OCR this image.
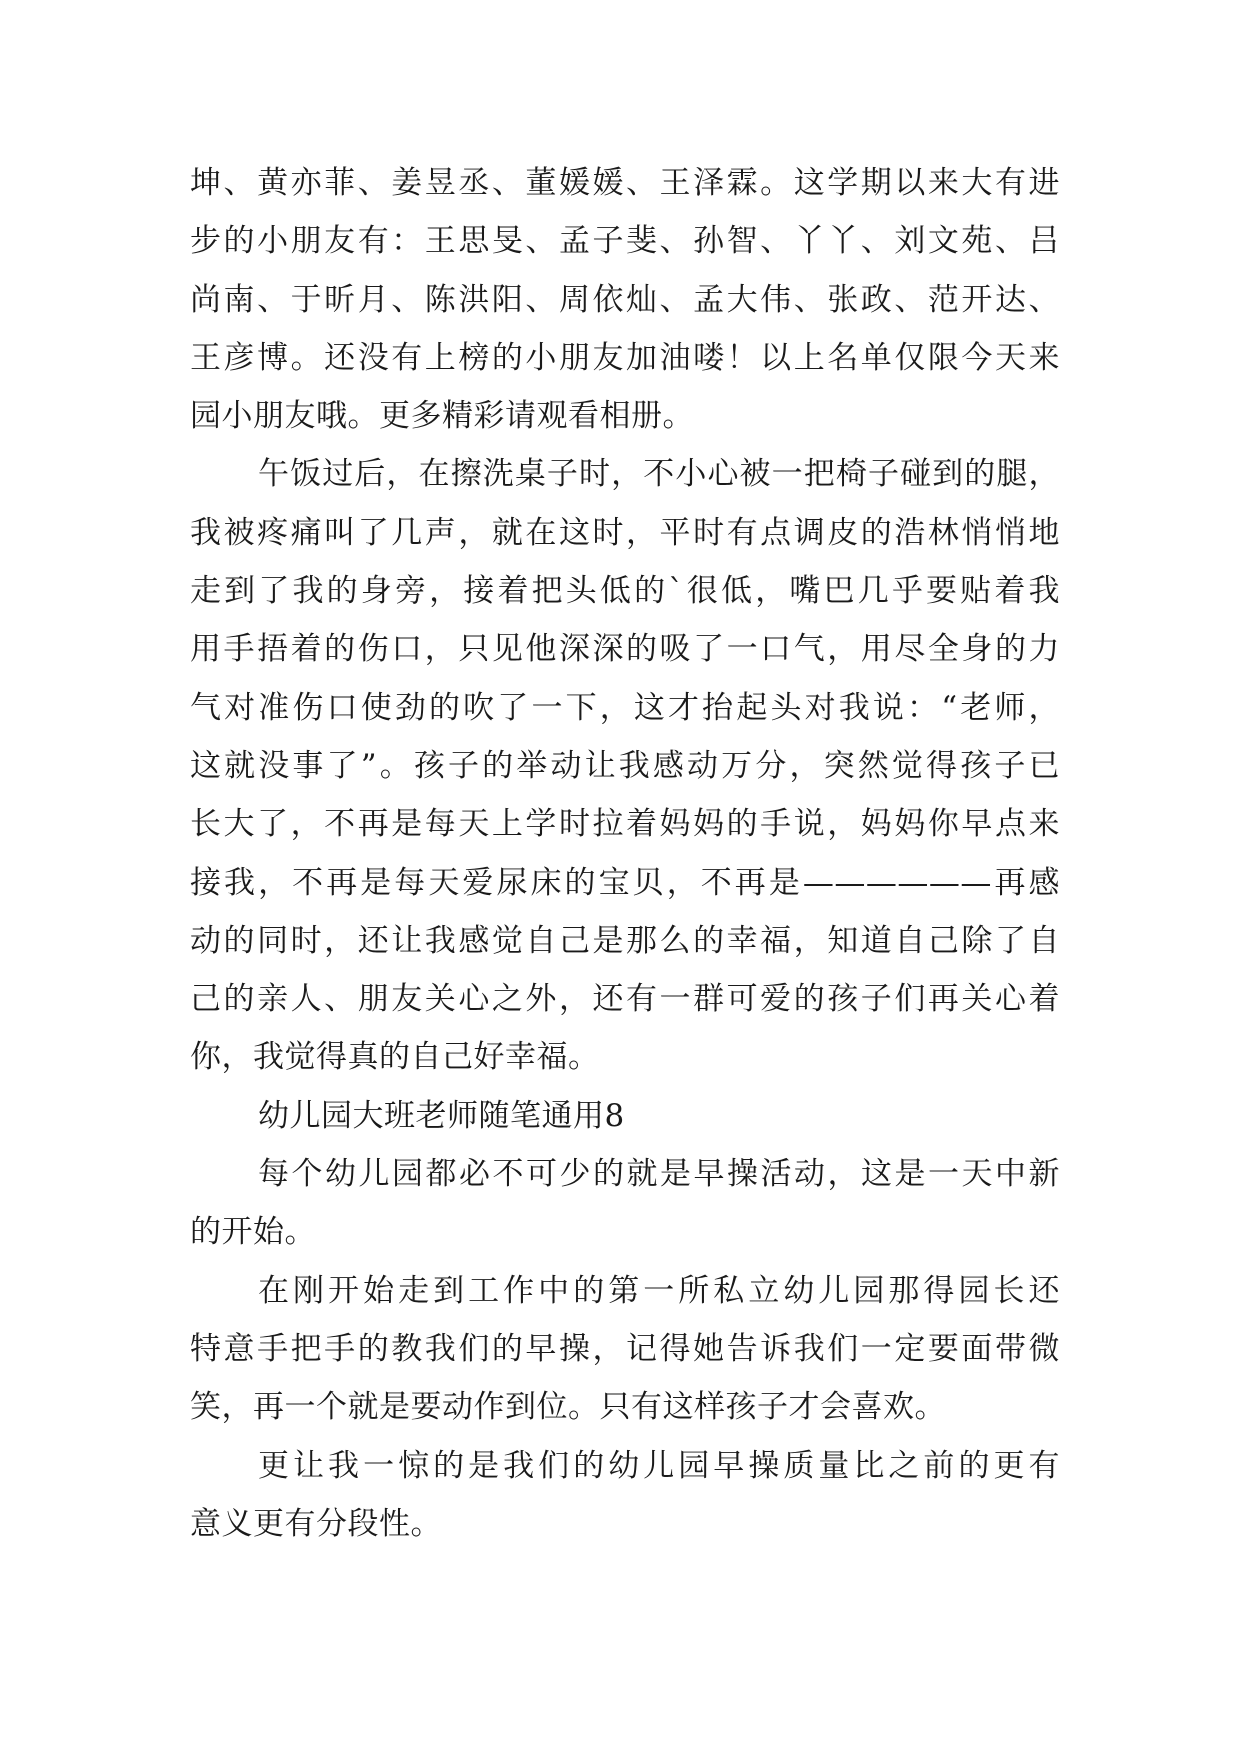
坤、黄亦菲、姜昱丞、董媛媛、王泽霖。这学期以来大有进
步的小朋友有：王思旻、孟子斐、孙智、丫丫、刘文苑、吕
尚南、于昕月、陈洪阳、周依灿、孟大伟、张政、范开达、
王彦博。还没有上榜的小朋友加油喽！以上名单仅限今天来
园小朋友哦。更多精彩请观看相册。
午饭过后，在擦洗桌子时，不小心被一把椅子碰到的腿，
我被疼痛叫了几声，就在这时，平时有点调皮的浩林悄悄地
走到了我的身旁，接着把头低的`很低，嘴巴几乎要贴着我
用手捂着的伤口，只见他深深的吸了一口气，用尽全身的力
气对准伤口使劲的吹了一下，这才抬起头对我说：“老师，
这就没事了”。孩子的举动让我感动万分，突然觉得孩子已
长大了，不再是每天上学时拉着妈妈的手说，妈妈你早点来
接我，不再是每天爱尿床的宝贝，不再是——————再感
动的同时，还让我感觉自己是那么的幸福，知道自己除了自
己的亲人、朋友关心之外，还有一群可爱的孩子们再关心着
你，我觉得真的自己好幸福。
幼儿园大班老师随笔通用8
每个幼儿园都必不可少的就是早操活动，这是一天中新
的开始。
在刚开始走到工作中的第一所私立幼儿园那得园长还
特意手把手的教我们的早操，记得她告诉我们一定要面带微
笑，再一个就是要动作到位。只有这样孩子才会喜欢。
更让我一惊的是我们的幼儿园早操质量比之前的更有
意义更有分段性。
